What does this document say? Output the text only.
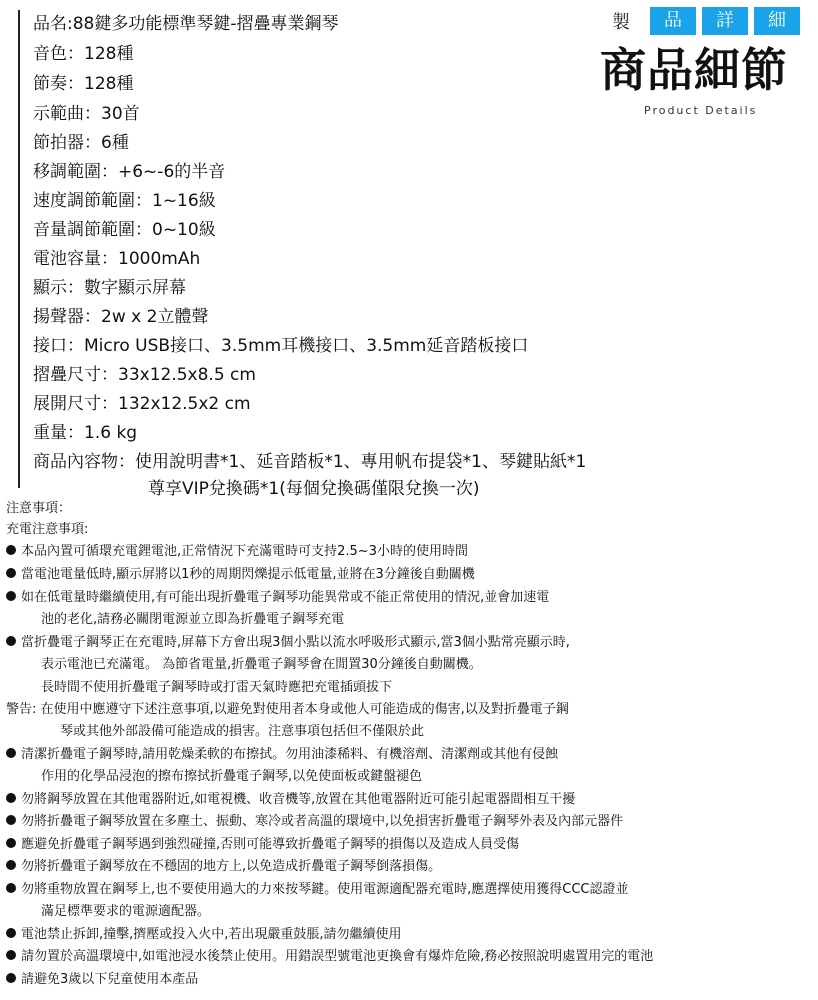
品名:88鍵多功能標準琴鍵-摺疊專業鋼琴
音色：128種
節奏：128種
示範曲：30首
節拍器：6種
移調範圍：+6~-6的半音
速度調節範圍：1~16級
音量調節範圍：0~10級
電池容量：1000mAh
顯示：數字顯示屏幕
揚聲器：2w x 2立體聲
接口：Micro USB接口、3.5mm耳機接口、3.5mm延音踏板接口
摺疊尺寸：33x12.5x8.5 cm
展開尺寸：132x12.5x2 cm
重量：1.6 kg
商品內容物：使用說明書*1、延音踏板*1、專用帆布提袋*1、琴鍵貼紙*1
尊享VIP兌換碼*1(每個兌換碼僅限兌換一次)
製	品	詳	細
商品細節
Product Details
注意事項：
充電注意事項:
本品內置可循環充電鋰電池,正常情況下充滿電時可支持2.5~3小時的使用時間
當電池電量低時,顯示屏將以1秒的周期閃爍提示低電量,並將在3分鐘後自動關機
如在低電量時繼續使用,有可能出現折疊電子鋼琴功能異常或不能正常使用的情況,並會加速電
池的老化,請務必關閉電源並立即為折疊電子鋼琴充電
當折疊電子鋼琴正在充電時,屏幕下方會出現3個小點以流水呼吸形式顯示,當3個小點常亮顯示時,
表示電池已充滿電。 為節省電量,折疊電子鋼琴會在閒置30分鐘後自動關機。
長時間不使用折疊電子鋼琴時或打雷天氣時應把充電插頭拔下
警告: 在使用中應遵守下述注意事項,以避免對使用者本身或他人可能造成的傷害,以及對折疊電子鋼
琴或其他外部設備可能造成的損害。注意事項包括但不僅限於此
清潔折疊電子鋼琴時,請用乾燥柔軟的布擦拭。勿用油漆稀料、有機溶劑、清潔劑或其他有侵蝕
作用的化學品浸泡的擦布擦拭折疊電子鋼琴,以免使面板或鍵盤褪色
勿將鋼琴放置在其他電器附近,如電視機、收音機等,放置在其他電器附近可能引起電器間相互干擾
勿將折疊電子鋼琴放置在多塵土、振動、寒冷或者高溫的環境中,以免損害折疊電子鋼琴外表及內部元器件
應避免折疊電子鋼琴遇到強烈碰撞,否則可能導致折疊電子鋼琴的損傷以及造成人員受傷
勿將折疊電子鋼琴放在不穩固的地方上,以免造成折疊電子鋼琴倒落損傷。
勿將重物放置在鋼琴上,也不要使用過大的力來按琴鍵。使用電源適配器充電時,應選擇使用獲得CCC認證並
滿足標準要求的電源適配器。
電池禁止拆卸,撞擊,擠壓或投入火中,若出現嚴重鼓脹,請勿繼續使用
請勿置於高溫環境中,如電池浸水後禁止使用。用錯誤型號電池更換會有爆炸危險,務必按照說明處置用完的電池
請避免3歲以下兒童使用本產品
